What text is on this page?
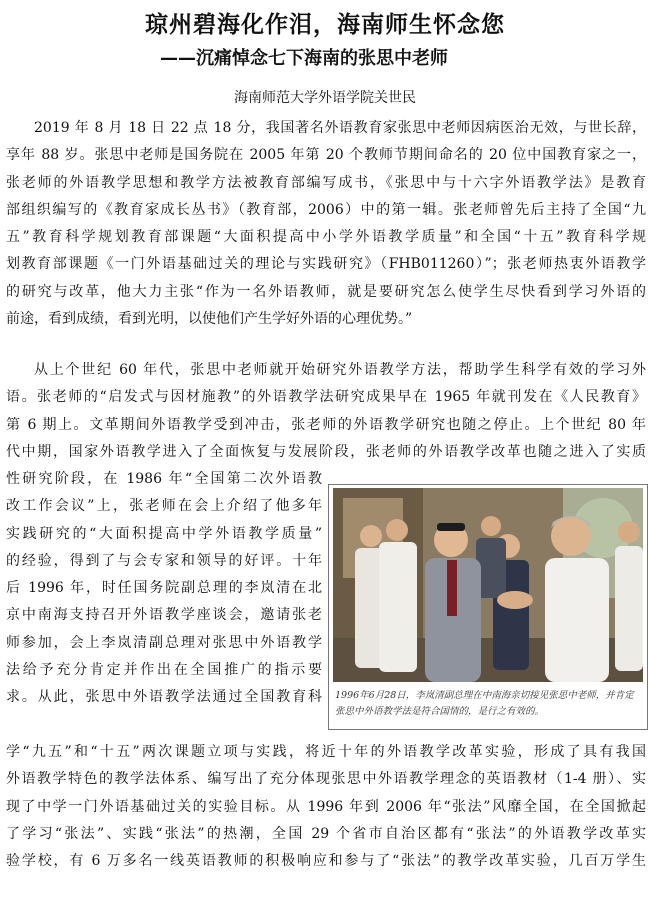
琼州碧海化作泪，海南师生怀念您
——沉痛悼念七下海南的张思中老师
海南师范大学外语学院关世民
2019 年 8 月 18 日 22 点 18 分，我国著名外语教育家张思中老师因病医治无效，与世长辞，
享年 88 岁。张思中老师是国务院在 2005 年第 20 个教师节期间命名的 20 位中国教育家之一，
张老师的外语教学思想和教学方法被教育部编写成书，《张思中与十六字外语教学法》是教育
部组织编写的《教育家成长丛书》（教育部，2006）中的第一辑。张老师曾先后主持了全国“九
五”教育科学规划教育部课题“大面积提高中小学外语教学质量”和全国“十五”教育科学规
划教育部课题《一门外语基础过关的理论与实践研究》（FHB011260）”；张老师热衷外语教学
的研究与改革，他大力主张“作为一名外语教师，就是要研究怎么使学生尽快看到学习外语的
前途，看到成绩，看到光明，以使他们产生学好外语的心理优势。”
从上个世纪 60 年代，张思中老师就开始研究外语教学方法，帮助学生科学有效的学习外
语。张老师的“启发式与因材施教”的外语教学法研究成果早在 1965 年就刊发在《人民教育》
第 6 期上。文革期间外语教学受到冲击，张老师的外语教学研究也随之停止。上个世纪 80 年
代中期，国家外语教学进入了全面恢复与发展阶段，张老师的外语教学改革也随之进入了实质
性研究阶段，在 1986 年“全国第二次外语教
改工作会议”上，张老师在会上介绍了他多年
实践研究的“大面积提高中学外语教学质量”
的经验，得到了与会专家和领导的好评。十年
后 1996 年，时任国务院副总理的李岚清在北
京中南海支持召开外语教学座谈会，邀请张老
师参加，会上李岚清副总理对张思中外语教学
法给予充分肯定并作出在全国推广的指示要
求。从此，张思中外语教学法通过全国教育科
学“九五”和“十五”两次课题立项与实践，将近十年的外语教学改革实验，形成了具有我国
外语教学特色的教学法体系、编写出了充分体现张思中外语教学理念的英语教材（1-4 册）、实
现了中学一门外语基础过关的实验目标。从 1996 年到 2006 年“张法”风靡全国，在全国掀起
了学习“张法”、实践“张法”的热潮，全国 29 个省市自治区都有“张法”的外语教学改革实
验学校，有 6 万多名一线英语教师的积极响应和参与了“张法”的教学改革实验，几百万学生
1996年6月28日，李岚清副总理在中南海亲切接见张思中老师，并肯定张思中外语教学法是符合国情的，是行之有效的。
